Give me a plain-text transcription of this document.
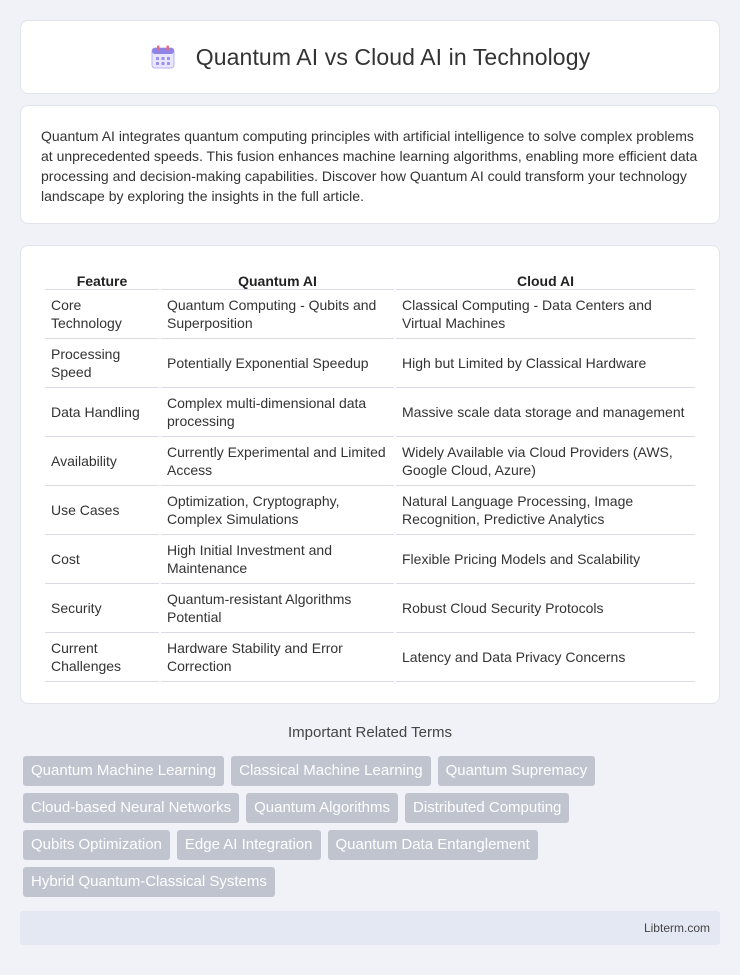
Quantum AI vs Cloud AI in Technology

Quantum AI integrates quantum computing principles with artificial intelligence to solve complex problems at unprecedented speeds. This fusion enhances machine learning algorithms, enabling more efficient data processing and decision-making capabilities. Discover how Quantum AI could transform your technology landscape by exploring the insights in the full article.

Feature	Quantum AI	Cloud AI
Core Technology	Quantum Computing - Qubits and Superposition	Classical Computing - Data Centers and Virtual Machines
Processing Speed	Potentially Exponential Speedup	High but Limited by Classical Hardware
Data Handling	Complex multi-dimensional data processing	Massive scale data storage and management
Availability	Currently Experimental and Limited Access	Widely Available via Cloud Providers (AWS, Google Cloud, Azure)
Use Cases	Optimization, Cryptography, Complex Simulations	Natural Language Processing, Image Recognition, Predictive Analytics
Cost	High Initial Investment and Maintenance	Flexible Pricing Models and Scalability
Security	Quantum-resistant Algorithms Potential	Robust Cloud Security Protocols
Current Challenges	Hardware Stability and Error Correction	Latency and Data Privacy Concerns
Important Related Terms
Quantum Machine Learning	Classical Machine Learning	Quantum Supremacy
Cloud-based Neural Networks	Quantum Algorithms	Distributed Computing
Qubits Optimization	Edge AI Integration	Quantum Data Entanglement
Hybrid Quantum-Classical Systems
Libterm.com
